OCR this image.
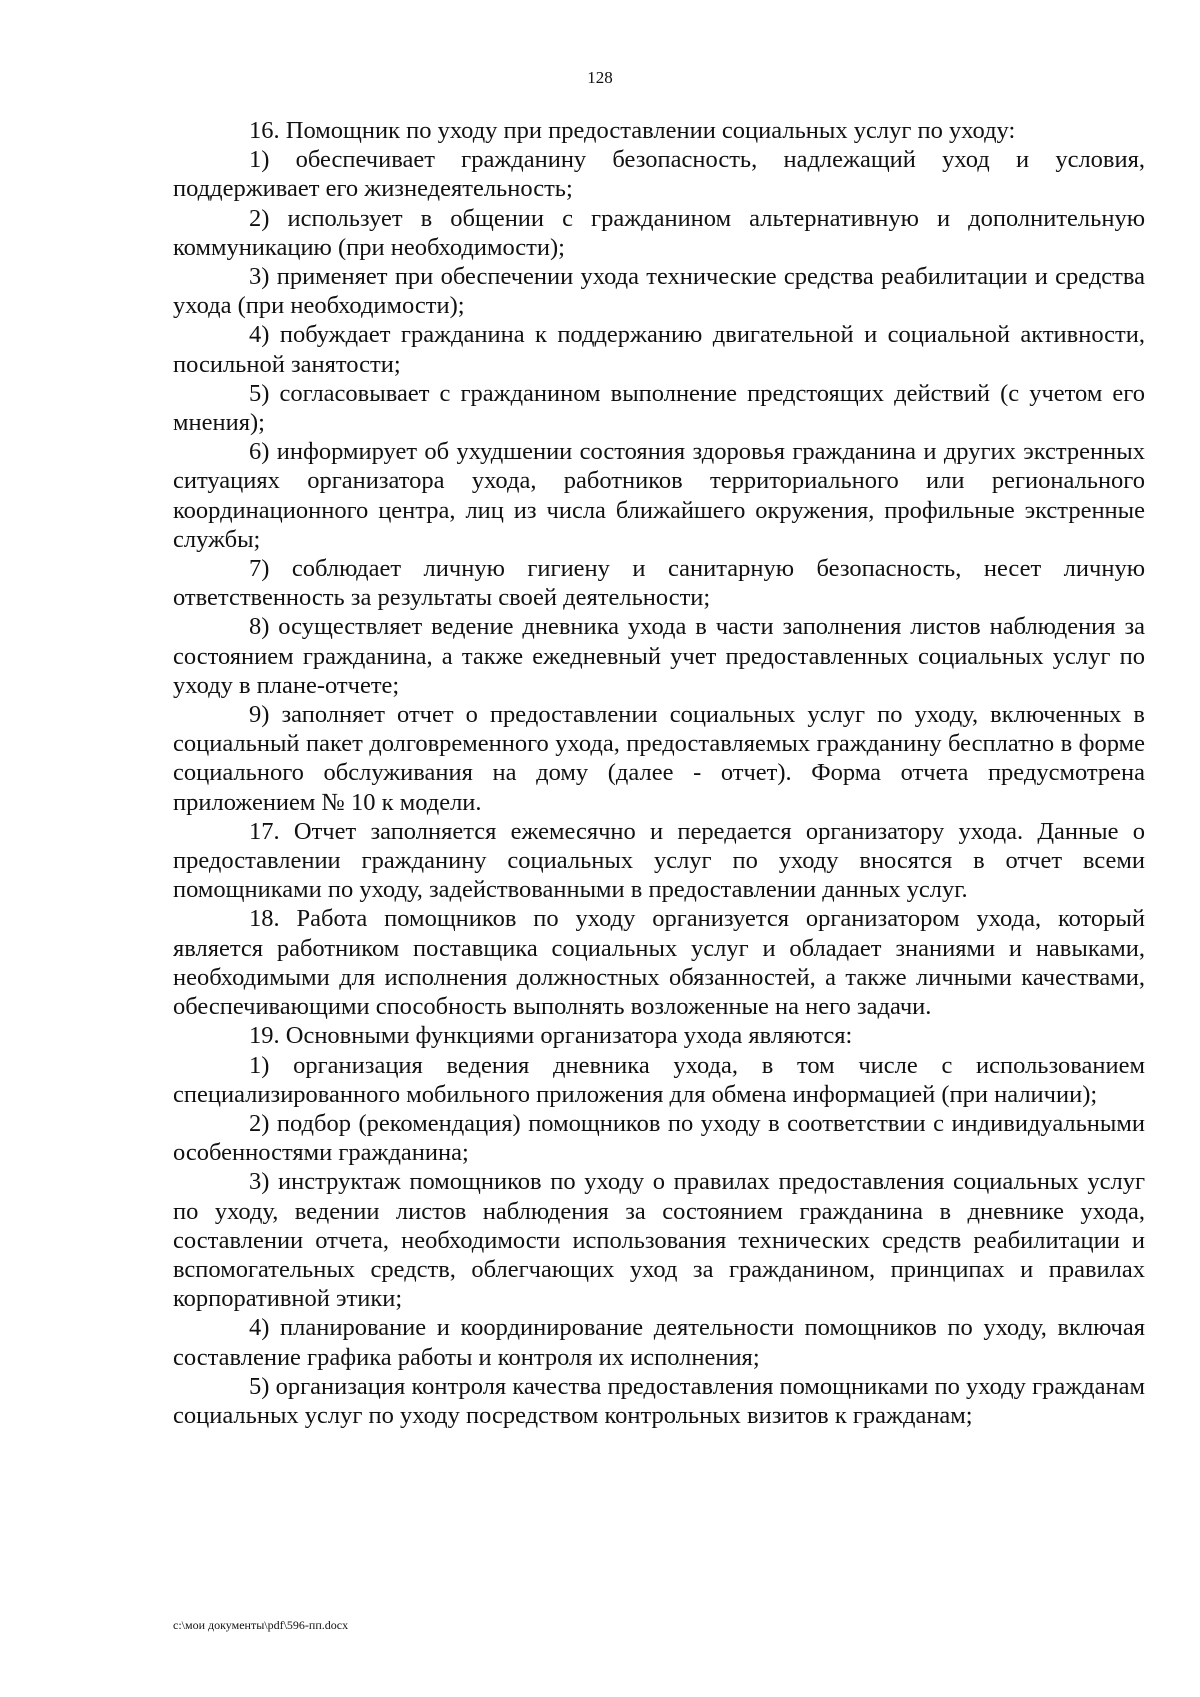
128

16. Помощник по уходу при предоставлении социальных услуг по уходу:

1) обеспечивает гражданину безопасность, надлежащий уход и условия, поддерживает его жизнедеятельность;

2) использует в общении с гражданином альтернативную и дополнительную коммуникацию (при необходимости);

3) применяет при обеспечении ухода технические средства реабилитации и средства ухода (при необходимости);

4) побуждает гражданина к поддержанию двигательной и социальной активности, посильной занятости;

5) согласовывает с гражданином выполнение предстоящих действий (с учетом его мнения);

6) информирует об ухудшении состояния здоровья гражданина и других экстренных ситуациях организатора ухода, работников территориального или регионального координационного центра, лиц из числа ближайшего окружения, профильные экстренные службы;

7) соблюдает личную гигиену и санитарную безопасность, несет личную ответственность за результаты своей деятельности;

8) осуществляет ведение дневника ухода в части заполнения листов наблюдения за состоянием гражданина, а также ежедневный учет предоставленных социальных услуг по уходу в плане-отчете;

9) заполняет отчет о предоставлении социальных услуг по уходу, включенных в социальный пакет долговременного ухода, предоставляемых гражданину бесплатно в форме социального обслуживания на дому (далее - отчет). Форма отчета предусмотрена приложением № 10 к модели.

17. Отчет заполняется ежемесячно и передается организатору ухода. Данные о предоставлении гражданину социальных услуг по уходу вносятся в отчет всеми помощниками по уходу, задействованными в предоставлении данных услуг.

18. Работа помощников по уходу организуется организатором ухода, который является работником поставщика социальных услуг и обладает знаниями и навыками, необходимыми для исполнения должностных обязанностей, а также личными качествами, обеспечивающими способность выполнять возложенные на него задачи.

19. Основными функциями организатора ухода являются:

1) организация ведения дневника ухода, в том числе с использованием специализированного мобильного приложения для обмена информацией (при наличии);

2) подбор (рекомендация) помощников по уходу в соответствии с индивидуальными особенностями гражданина;

3) инструктаж помощников по уходу о правилах предоставления социальных услуг по уходу, ведении листов наблюдения за состоянием гражданина в дневнике ухода, составлении отчета, необходимости использования технических средств реабилитации и вспомогательных средств, облегчающих уход за гражданином, принципах и правилах корпоративной этики;

4) планирование и координирование деятельности помощников по уходу, включая составление графика работы и контроля их исполнения;

5) организация контроля качества предоставления помощниками по уходу гражданам социальных услуг по уходу посредством контрольных визитов к гражданам;

c:\мои документы\pdf\596-пп.docx
